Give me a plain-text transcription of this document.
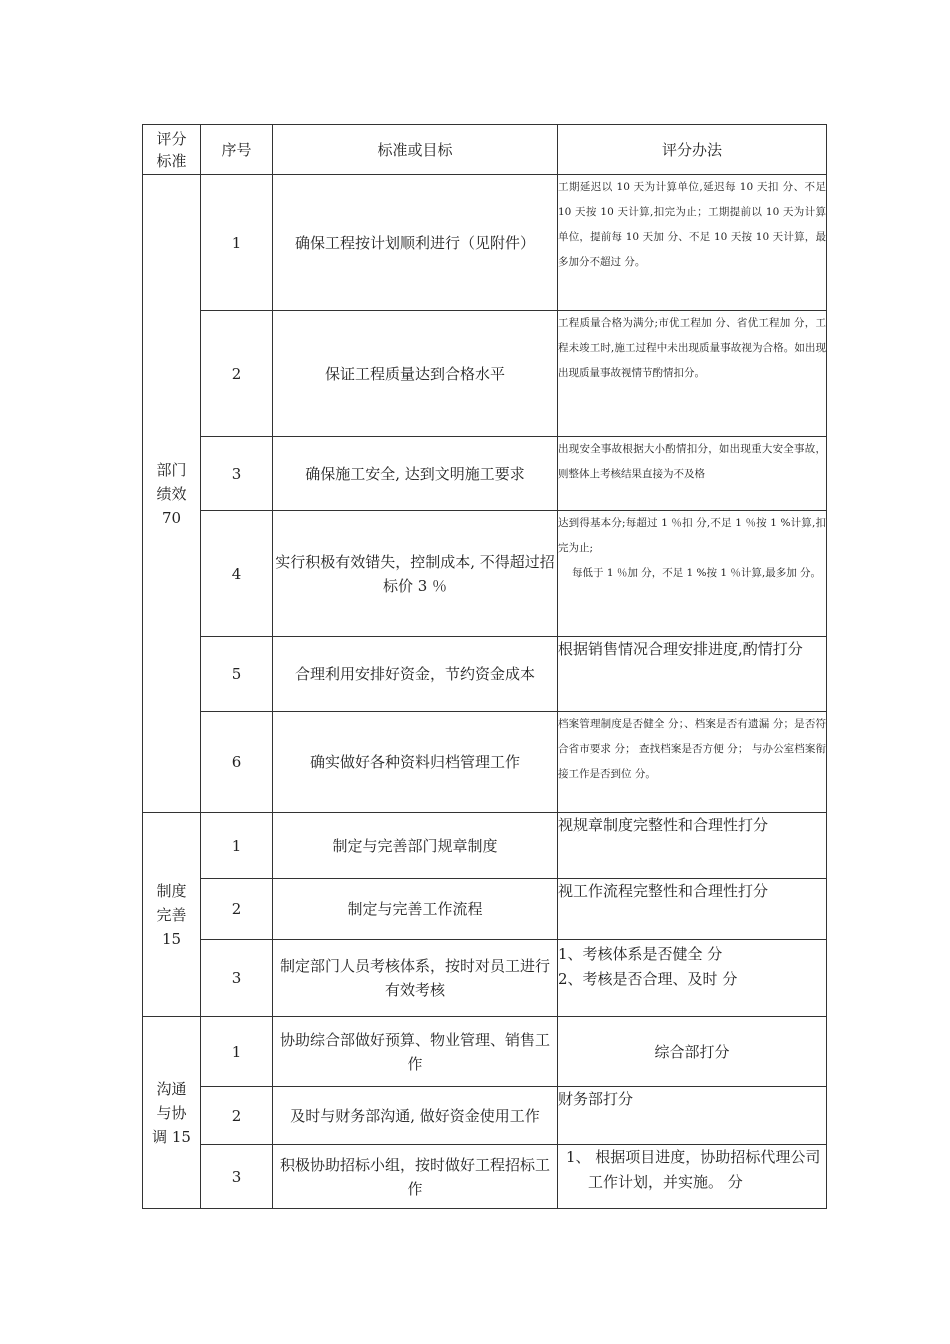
评分
标准	序号	标准或目标	评分办法
部门
绩效
70	1	确保工程按计划顺利进行（见附件）	工期延迟以 10 天为计算单位,延迟每 10 天扣 分、不足 10 天按 10 天计算,扣完为止；工期提前以 10 天为计算单位，提前每 10 天加 分、不足 10 天按 10 天计算，最多加分不超过 分。

	2	保证工程质量达到合格水平	工程质量合格为满分;市优工程加 分、省优工程加 分，工程未竣工时,施工过程中未出现质量事故视为合格。如出现出现质量事故视情节酌情扣分。

	3	确保施工安全, 达到文明施工要求	出现安全事故根据大小酌情扣分，如出现重大安全事故，则整体上考核结果直接为不及格

	4	实行积极有效错失，控制成本, 不得超过招标价 3 ％	达到得基本分;每超过 1 ％扣 分,不足 1 ％按 1 %计算,扣完为止;
每低于 1 ％加 分，不足 1 %按 1 ％计算,最多加 分。

	5	合理利用安排好资金，节约资金成本	根据销售情况合理安排进度,酌情打分

	6	确实做好各种资料归档管理工作	档案管理制度是否健全 分；、档案是否有遗漏 分；是否符合省市要求 分； 查找档案是否方便 分； 与办公室档案衔接工作是否到位 分。

制度
完善
15	1	制定与完善部门规章制度	视规章制度完整性和合理性打分

	2	制定与完善工作流程	视工作流程完整性和合理性打分

	3	制定部门人员考核体系，按时对员工进行有效考核	1、考核体系是否健全 分
2、考核是否合理、及时 分

沟通
与协
调 15	1	协助综合部做好预算、物业管理、销售工作	综合部打分

	2	及时与财务部沟通, 做好资金使用工作	财务部打分

	3	积极协助招标小组，按时做好工程招标工作	1、 根据项目进度，协助招标代理公司工作计划，并实施。 分
